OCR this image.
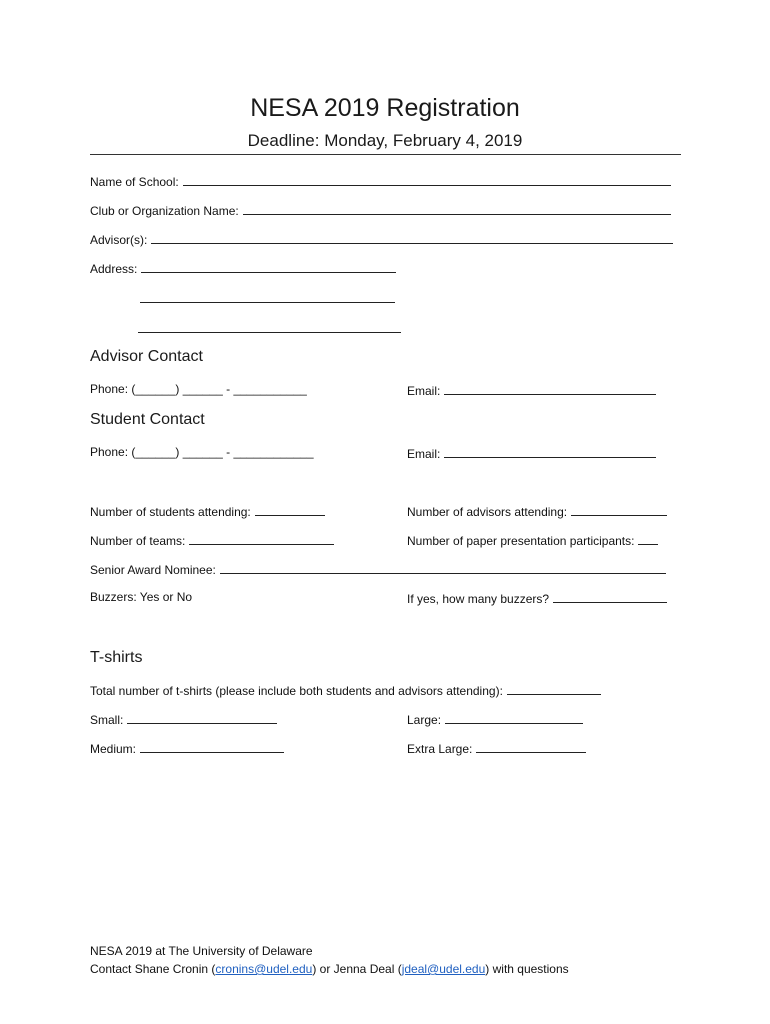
NESA 2019 Registration
Deadline: Monday, February 4, 2019
Name of School:
Club or Organization Name:
Advisor(s):
Address:
Advisor Contact
Phone: (______) ______ - ___________	Email:
Student Contact
Phone: (______) ______ - ____________	Email:
Number of students attending:	Number of advisors attending:
Number of teams:	Number of paper presentation participants:
Senior Award Nominee:
Buzzers: Yes or No	If yes, how many buzzers?
T-shirts
Total number of t-shirts (please include both students and advisors attending):
Small:	Large:
Medium:	Extra Large:
NESA 2019 at The University of Delaware
Contact Shane Cronin (cronins@udel.edu) or Jenna Deal (jdeal@udel.edu) with questions
